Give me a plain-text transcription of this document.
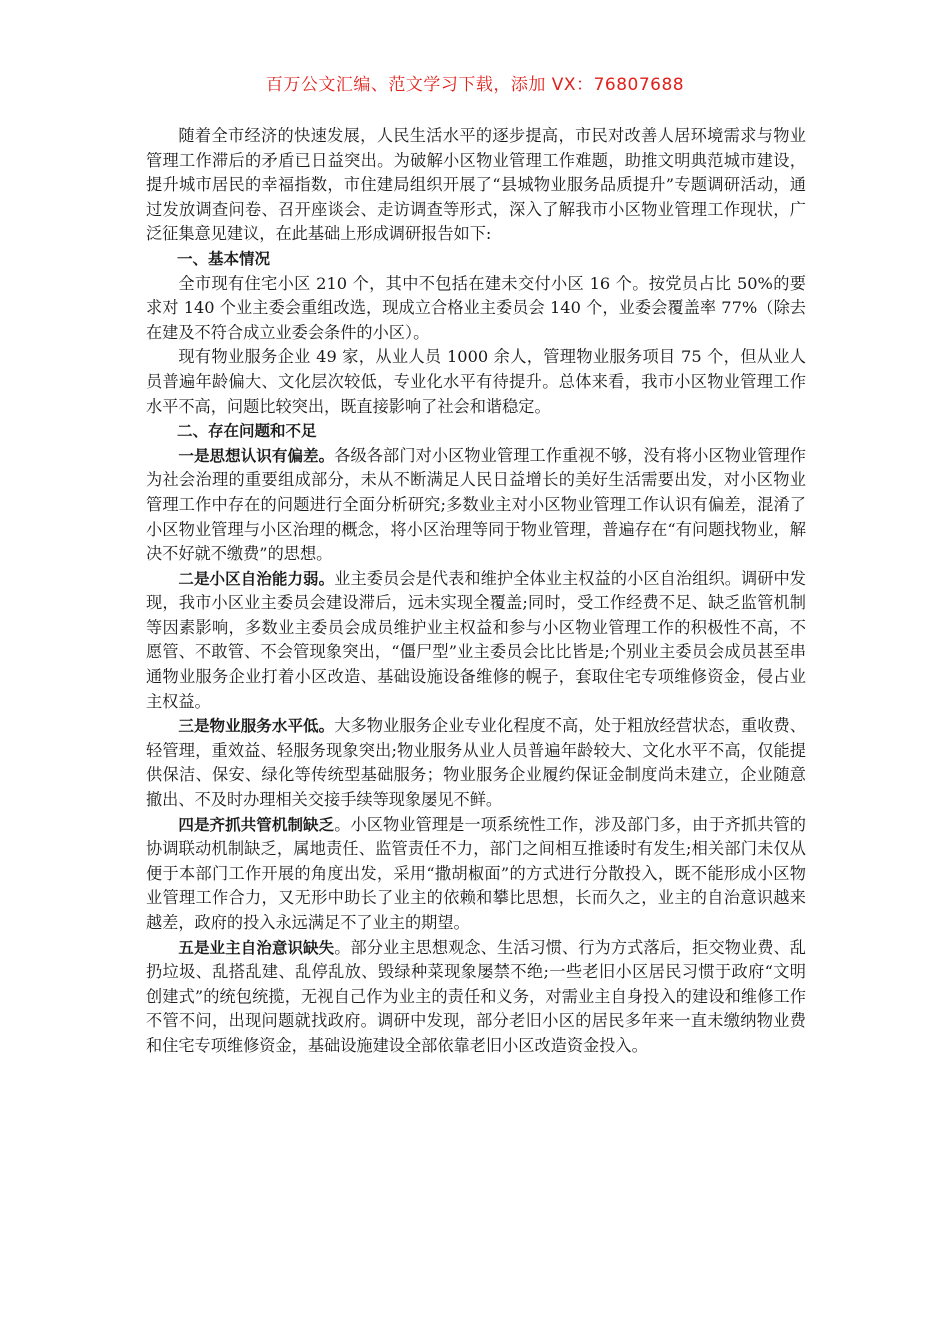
百万公文汇编、范文学习下载，添加 VX：76807688

随着全市经济的快速发展，人民生活水平的逐步提高，市民对改善人居环境需求与物业管理工作滞后的矛盾已日益突出。为破解小区物业管理工作难题，助推文明典范城市建设，提升城市居民的幸福指数，市住建局组织开展了“县城物业服务品质提升”专题调研活动，通过发放调查问卷、召开座谈会、走访调查等形式，深入了解我市小区物业管理工作现状，广泛征集意见建议，在此基础上形成调研报告如下:

一、基本情况

全市现有住宅小区 210 个，其中不包括在建未交付小区 16 个。按党员占比 50%的要求对 140 个业主委会重组改选，现成立合格业主委员会 140 个，业委会覆盖率 77%（除去在建及不符合成立业委会条件的小区）。

现有物业服务企业 49 家，从业人员 1000 余人，管理物业服务项目 75 个，但从业人员普遍年龄偏大、文化层次较低，专业化水平有待提升。总体来看，我市小区物业管理工作水平不高，问题比较突出，既直接影响了社会和谐稳定。

二、存在问题和不足

一是思想认识有偏差。各级各部门对小区物业管理工作重视不够，没有将小区物业管理作为社会治理的重要组成部分，未从不断满足人民日益增长的美好生活需要出发，对小区物业管理工作中存在的问题进行全面分析研究;多数业主对小区物业管理工作认识有偏差，混淆了小区物业管理与小区治理的概念，将小区治理等同于物业管理，普遍存在“有问题找物业，解决不好就不缴费”的思想。

二是小区自治能力弱。业主委员会是代表和维护全体业主权益的小区自治组织。调研中发现，我市小区业主委员会建设滞后，远未实现全覆盖;同时，受工作经费不足、缺乏监管机制等因素影响，多数业主委员会成员维护业主权益和参与小区物业管理工作的积极性不高，不愿管、不敢管、不会管现象突出，“僵尸型”业主委员会比比皆是;个别业主委员会成员甚至串通物业服务企业打着小区改造、基础设施设备维修的幌子，套取住宅专项维修资金，侵占业主权益。

三是物业服务水平低。大多物业服务企业专业化程度不高，处于粗放经营状态，重收费、轻管理，重效益、轻服务现象突出;物业服务从业人员普遍年龄较大、文化水平不高，仅能提供保洁、保安、绿化等传统型基础服务；物业服务企业履约保证金制度尚未建立，企业随意撤出、不及时办理相关交接手续等现象屡见不鲜。

四是齐抓共管机制缺乏。小区物业管理是一项系统性工作，涉及部门多，由于齐抓共管的协调联动机制缺乏，属地责任、监管责任不力，部门之间相互推诿时有发生;相关部门未仅从便于本部门工作开展的角度出发，采用“撒胡椒面”的方式进行分散投入，既不能形成小区物业管理工作合力，又无形中助长了业主的依赖和攀比思想，长而久之，业主的自治意识越来越差，政府的投入永远满足不了业主的期望。

五是业主自治意识缺失。部分业主思想观念、生活习惯、行为方式落后，拒交物业费、乱扔垃圾、乱搭乱建、乱停乱放、毁绿种菜现象屡禁不绝;一些老旧小区居民习惯于政府“文明创建式”的统包统揽，无视自己作为业主的责任和义务，对需业主自身投入的建设和维修工作不管不问，出现问题就找政府。调研中发现，部分老旧小区的居民多年来一直未缴纳物业费和住宅专项维修资金，基础设施建设全部依靠老旧小区改造资金投入。
